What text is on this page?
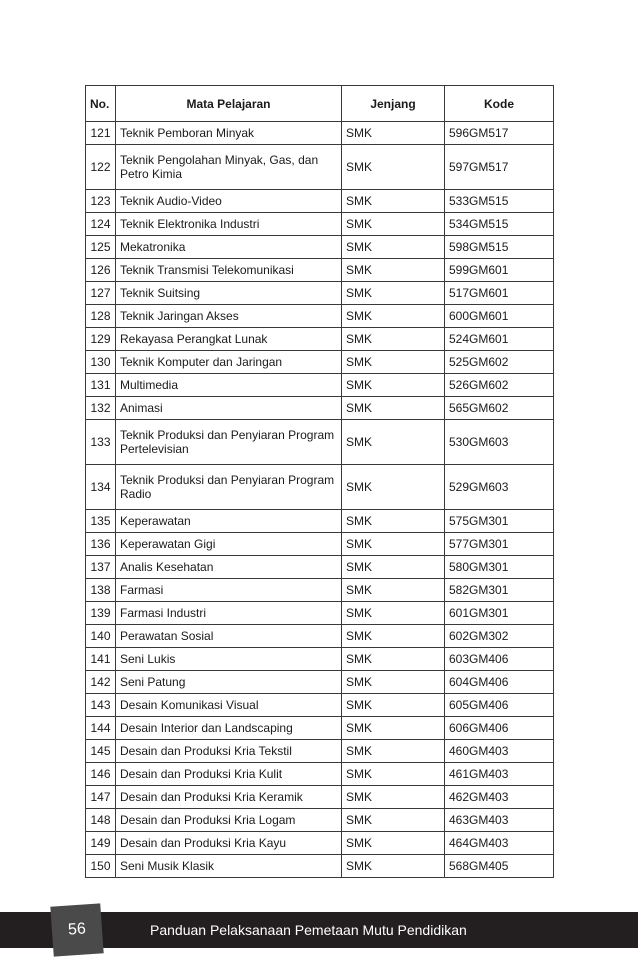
No.	Mata Pelajaran	Jenjang	Kode
121	Teknik Pemboran Minyak	SMK	596GM517
122	Teknik Pengolahan Minyak, Gas, dan Petro Kimia	SMK	597GM517
123	Teknik Audio-Video	SMK	533GM515
124	Teknik Elektronika Industri	SMK	534GM515
125	Mekatronika	SMK	598GM515
126	Teknik Transmisi Telekomunikasi	SMK	599GM601
127	Teknik Suitsing	SMK	517GM601
128	Teknik Jaringan Akses	SMK	600GM601
129	Rekayasa Perangkat Lunak	SMK	524GM601
130	Teknik Komputer dan Jaringan	SMK	525GM602
131	Multimedia	SMK	526GM602
132	Animasi	SMK	565GM602
133	Teknik Produksi dan Penyiaran Program Pertelevisian	SMK	530GM603
134	Teknik Produksi dan Penyiaran Program Radio	SMK	529GM603
135	Keperawatan	SMK	575GM301
136	Keperawatan Gigi	SMK	577GM301
137	Analis Kesehatan	SMK	580GM301
138	Farmasi	SMK	582GM301
139	Farmasi Industri	SMK	601GM301
140	Perawatan Sosial	SMK	602GM302
141	Seni Lukis	SMK	603GM406
142	Seni Patung	SMK	604GM406
143	Desain Komunikasi Visual	SMK	605GM406
144	Desain Interior dan Landscaping	SMK	606GM406
145	Desain dan Produksi Kria Tekstil	SMK	460GM403
146	Desain dan Produksi Kria Kulit	SMK	461GM403
147	Desain dan Produksi Kria Keramik	SMK	462GM403
148	Desain dan Produksi Kria Logam	SMK	463GM403
149	Desain dan Produksi Kria Kayu	SMK	464GM403
150	Seni Musik Klasik	SMK	568GM405
56	Panduan Pelaksanaan Pemetaan Mutu Pendidikan
